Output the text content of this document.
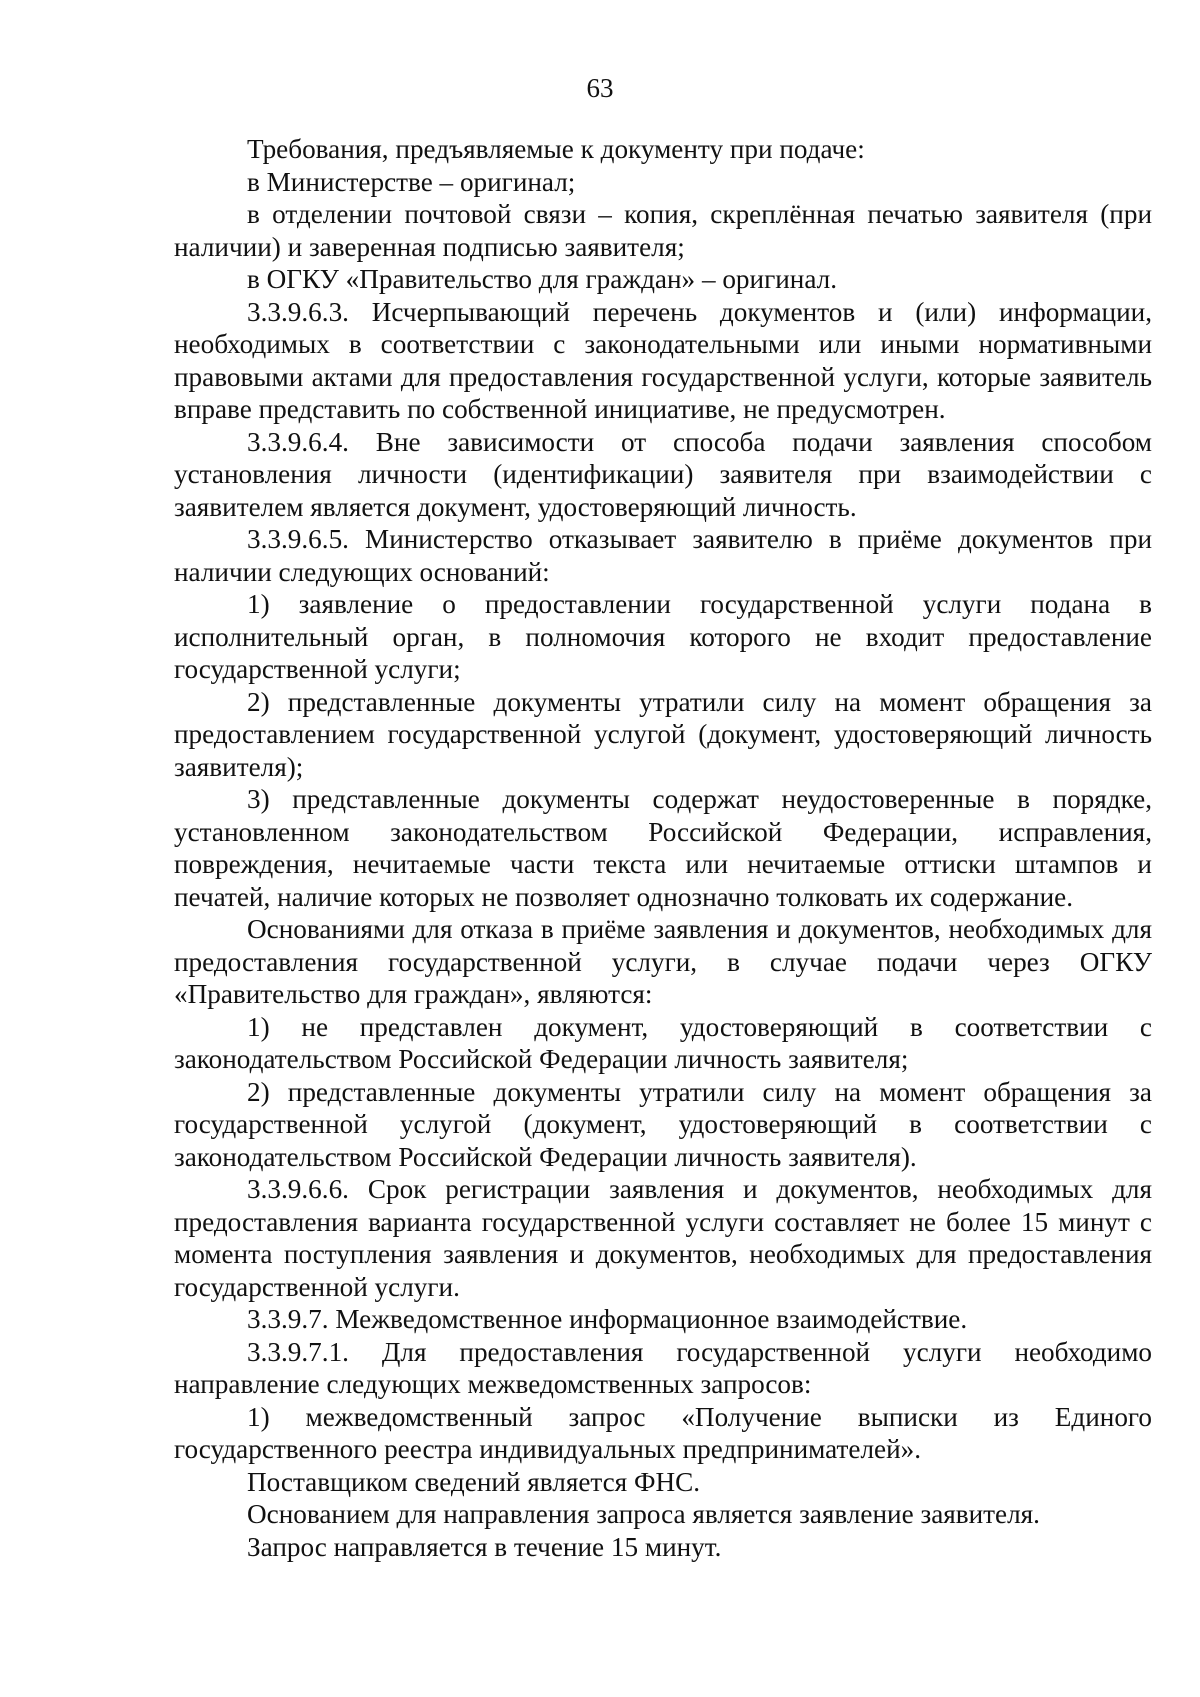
63

Требования, предъявляемые к документу при подаче:

в Министерстве – оригинал;

в отделении почтовой связи – копия, скреплённая печатью заявителя (при наличии) и заверенная подписью заявителя;

в ОГКУ «Правительство для граждан» – оригинал.

3.3.9.6.3. Исчерпывающий перечень документов и (или) информации, необходимых в соответствии с законодательными или иными нормативными правовыми актами для предоставления государственной услуги, которые заявитель вправе представить по собственной инициативе, не предусмотрен.

3.3.9.6.4. Вне зависимости от способа подачи заявления способом установления личности (идентификации) заявителя при взаимодействии с заявителем является документ, удостоверяющий личность.

3.3.9.6.5. Министерство отказывает заявителю в приёме документов при наличии следующих оснований:

1) заявление о предоставлении государственной услуги подана в исполнительный орган, в полномочия которого не входит предоставление государственной услуги;

2) представленные документы утратили силу на момент обращения за предоставлением государственной услугой (документ, удостоверяющий личность заявителя);

3) представленные документы содержат неудостоверенные в порядке, установленном законодательством Российской Федерации, исправления, повреждения, нечитаемые части текста или нечитаемые оттиски штампов и печатей, наличие которых не позволяет однозначно толковать их содержание.

Основаниями для отказа в приёме заявления и документов, необходимых для предоставления государственной услуги, в случае подачи через ОГКУ «Правительство для граждан», являются:

1) не представлен документ, удостоверяющий в соответствии с законодательством Российской Федерации личность заявителя;

2) представленные документы утратили силу на момент обращения за государственной услугой (документ, удостоверяющий в соответствии с законодательством Российской Федерации личность заявителя).

3.3.9.6.6. Срок регистрации заявления и документов, необходимых для предоставления варианта государственной услуги составляет не более 15 минут с момента поступления заявления и документов, необходимых для предоставления государственной услуги.

3.3.9.7. Межведомственное информационное взаимодействие.

3.3.9.7.1. Для предоставления государственной услуги необходимо направление следующих межведомственных запросов:

1) межведомственный запрос «Получение выписки из Единого государственного реестра индивидуальных предпринимателей».

Поставщиком сведений является ФНС.

Основанием для направления запроса является заявление заявителя.

Запрос направляется в течение 15 минут.
